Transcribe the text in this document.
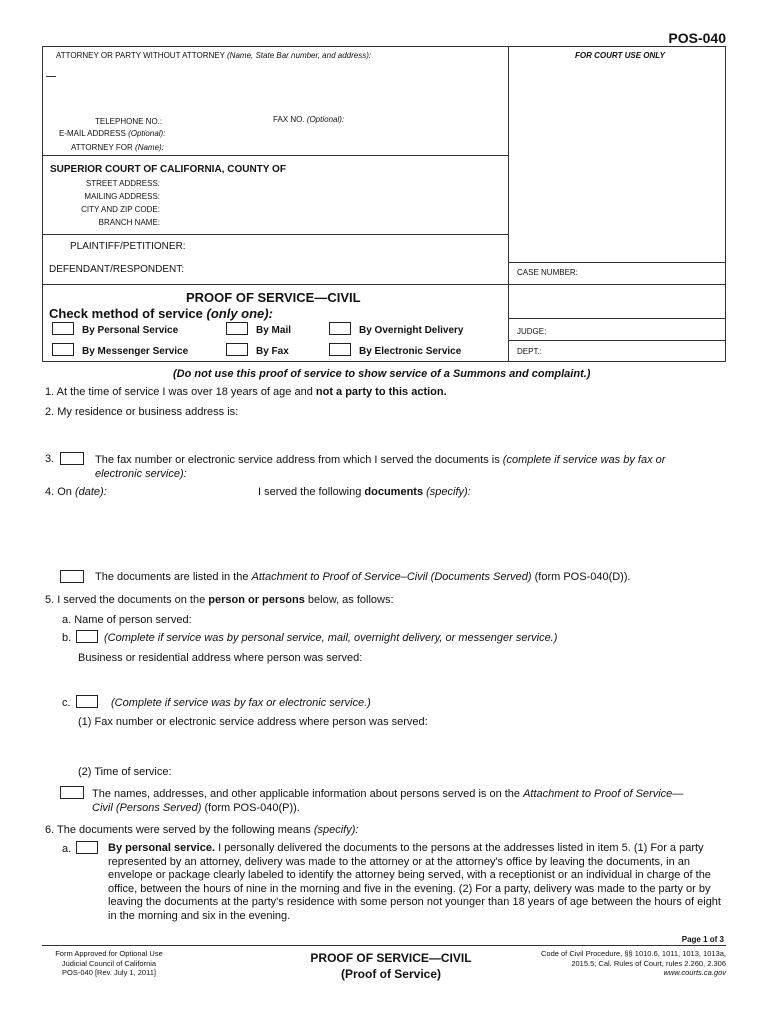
POS-040
ATTORNEY OR PARTY WITHOUT ATTORNEY (Name, State Bar number, and address):	FOR COURT USE ONLY
TELEPHONE NO.:	FAX NO. (Optional):
E-MAIL ADDRESS (Optional):
ATTORNEY FOR (Name):
SUPERIOR COURT OF CALIFORNIA, COUNTY OF
STREET ADDRESS:
MAILING ADDRESS:
CITY AND ZIP CODE:
BRANCH NAME:
PLAINTIFF/PETITIONER:
DEFENDANT/RESPONDENT:	CASE NUMBER:
JUDGE:
DEPT.:
PROOF OF SERVICE—CIVIL
Check method of service (only one):
By Personal Service	By Mail	By Overnight Delivery
By Messenger Service	By Fax	By Electronic Service
(Do not use this proof of service to show service of a Summons and complaint.)
1. At the time of service I was over 18 years of age and not a party to this action.
2. My residence or business address is:
3.	The fax number or electronic service address from which I served the documents is (complete if service was by fax or electronic service):
4. On (date):	I served the following documents (specify):
The documents are listed in the Attachment to Proof of Service–Civil (Documents Served) (form POS-040(D)).
5. I served the documents on the person or persons below, as follows:
a. Name of person served:
b.	(Complete if service was by personal service, mail, overnight delivery, or messenger service.)
Business or residential address where person was served:
c.	(Complete if service was by fax or electronic service.)
(1) Fax number or electronic service address where person was served:
(2) Time of service:
The names, addresses, and other applicable information about persons served is on the Attachment to Proof of Service—Civil (Persons Served) (form POS-040(P)).
6. The documents were served by the following means (specify):
a.	By personal service. I personally delivered the documents to the persons at the addresses listed in item 5. (1) For a party represented by an attorney, delivery was made to the attorney or at the attorney's office by leaving the documents, in an envelope or package clearly labeled to identify the attorney being served, with a receptionist or an individual in charge of the office, between the hours of nine in the morning and five in the evening. (2) For a party, delivery was made to the party or by leaving the documents at the party's residence with some person not younger than 18 years of age between the hours of eight in the morning and six in the evening.
Page 1 of 3
Form Approved for Optional Use
Judicial Council of California
POS-040 [Rev. July 1, 2011]
PROOF OF SERVICE—CIVIL
(Proof of Service)
Code of Civil Procedure, §§ 1010.6, 1011, 1013, 1013a,
2015.5; Cal. Rules of Court, rules 2.260, 2.306
www.courts.ca.gov
